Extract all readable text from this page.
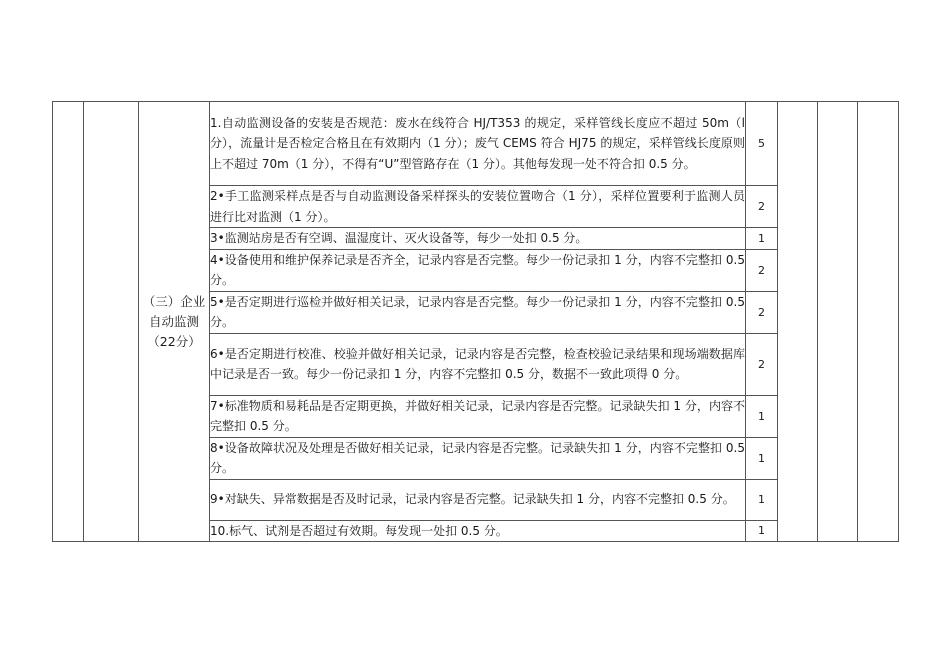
		（三）企业自动监测（22分）	1.自动监测设备的安装是否规范：废水在线符合 HJ/T353 的规定，采样管线长度应不超过 50m（l 分），流量计是否检定合格且在有效期内（1 分）；废气 CEMS 符合 HJ75 的规定，采样管线长度原则上不超过 70m（1 分），不得有“U”型管路存在（1 分）。其他每发现一处不符合扣 0.5 分。	5			

			2•手工监测采样点是否与自动监测设备采样探头的安装位置吻合（1 分），采样位置要利于监测人员进行比对监测（1 分）。	2			

			3•监测站房是否有空调、温湿度计、灭火设备等，每少一处扣 0.5 分。	1			

			4•设备使用和维护保养记录是否齐全，记录内容是否完整。每少一份记录扣 1 分，内容不完整扣 0.5 分。	2			

			5•是否定期进行巡检并做好相关记录，记录内容是否完整。每少一份记录扣 1 分，内容不完整扣 0.5 分。	2			

			6•是否定期进行校准、校验并做好相关记录，记录内容是否完整，检查校验记录结果和现场端数据库中记录是否一致。每少一份记录扣 1 分，内容不完整扣 0.5 分，数据不一致此项得 0 分。	2			

			7•标准物质和易耗品是否定期更换，并做好相关记录，记录内容是否完整。记录缺失扣 1 分，内容不完整扣 0.5 分。	1			

			8•设备故障状况及处理是否做好相关记录，记录内容是否完整。记录缺失扣 1 分，内容不完整扣 0.5 分。	1			

			9•对缺失、异常数据是否及时记录，记录内容是否完整。记录缺失扣 1 分，内容不完整扣 0.5 分。	1			

			10.标气、试剂是否超过有效期。每发现一处扣 0.5 分。	1			
